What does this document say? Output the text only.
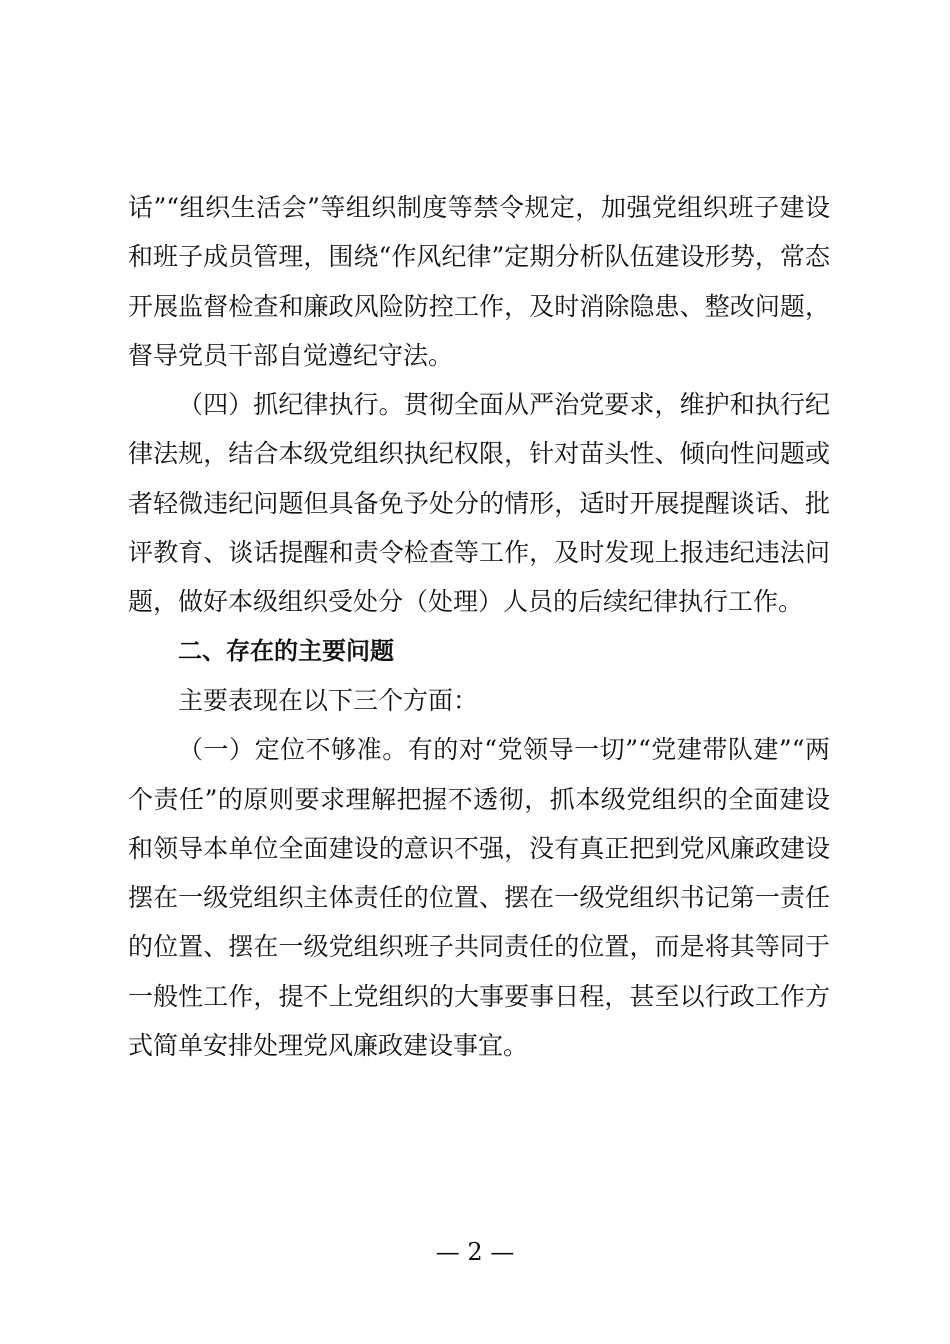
话”“组织生活会”等组织制度等禁令规定，加强党组织班子建设和班子成员管理，围绕“作风纪律”定期分析队伍建设形势，常态开展监督检查和廉政风险防控工作，及时消除隐患、整改问题，督导党员干部自觉遵纪守法。

（四）抓纪律执行。贯彻全面从严治党要求，维护和执行纪律法规，结合本级党组织执纪权限，针对苗头性、倾向性问题或者轻微违纪问题但具备免予处分的情形，适时开展提醒谈话、批评教育、谈话提醒和责令检查等工作，及时发现上报违纪违法问题，做好本级组织受处分（处理）人员的后续纪律执行工作。

二、存在的主要问题

主要表现在以下三个方面：

（一）定位不够准。有的对“党领导一切”“党建带队建”“两个责任”的原则要求理解把握不透彻，抓本级党组织的全面建设和领导本单位全面建设的意识不强，没有真正把到党风廉政建设摆在一级党组织主体责任的位置、摆在一级党组织书记第一责任的位置、摆在一级党组织班子共同责任的位置，而是将其等同于一般性工作，提不上党组织的大事要事日程，甚至以行政工作方式简单安排处理党风廉政建设事宜。

— 2 —
